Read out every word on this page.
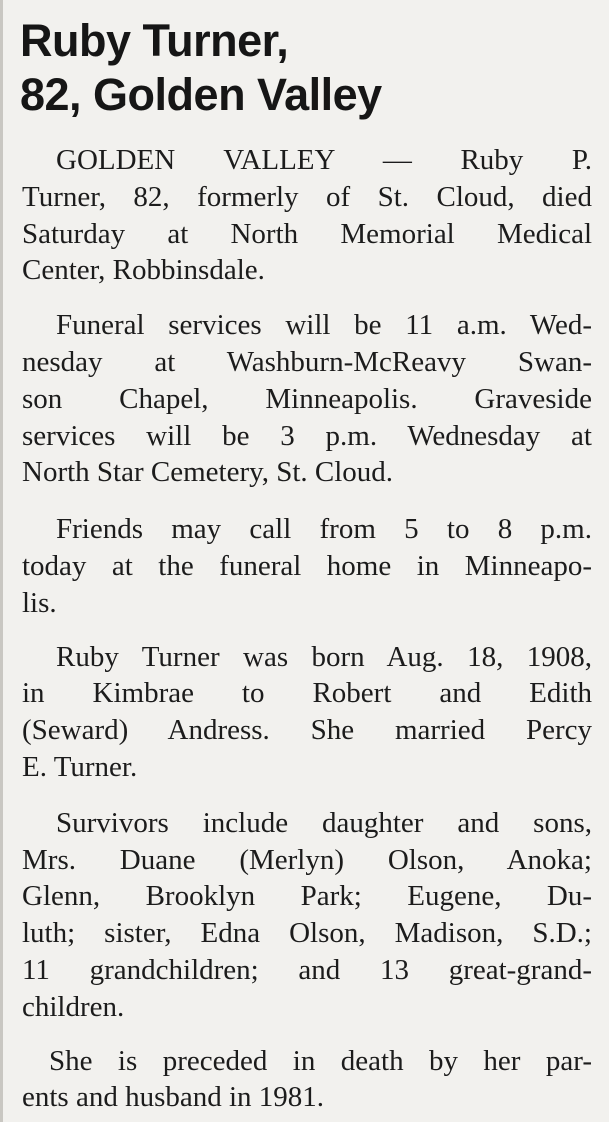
Ruby Turner,
82, Golden Valley

GOLDEN VALLEY — Ruby P.
Turner, 82, formerly of St. Cloud, died
Saturday at North Memorial Medical
Center, Robbinsdale.

Funeral services will be 11 a.m. Wed-
nesday at Washburn-McReavy Swan-
son Chapel, Minneapolis. Graveside
services will be 3 p.m. Wednesday at
North Star Cemetery, St. Cloud.

Friends may call from 5 to 8 p.m.
today at the funeral home in Minneapo-
lis.

Ruby Turner was born Aug. 18, 1908,
in Kimbrae to Robert and Edith
(Seward) Andress. She married Percy
E. Turner.

Survivors include daughter and sons,
Mrs. Duane (Merlyn) Olson, Anoka;
Glenn, Brooklyn Park; Eugene, Du-
luth; sister, Edna Olson, Madison, S.D.;
11 grandchildren; and 13 great-grand-
children.

She is preceded in death by her par-
ents and husband in 1981.
